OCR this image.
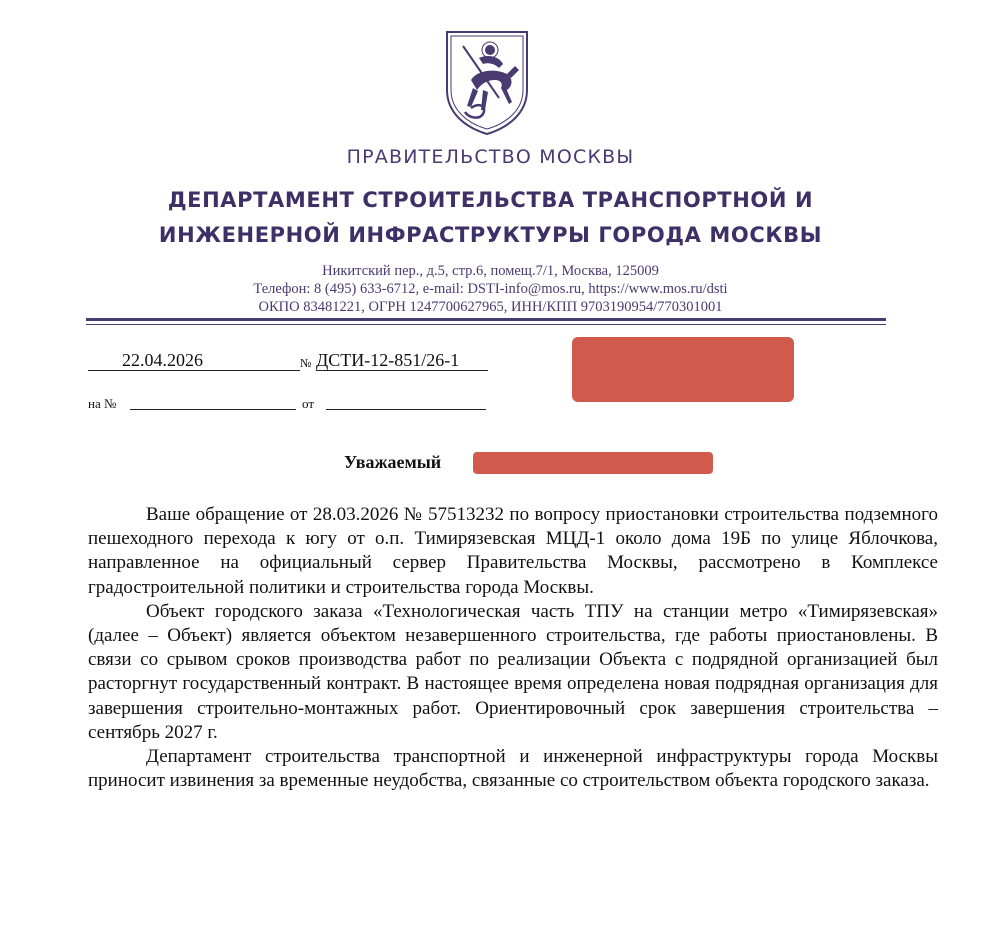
ПРАВИТЕЛЬСТВО МОСКВЫ
ДЕПАРТАМЕНТ СТРОИТЕЛЬСТВА ТРАНСПОРТНОЙ И
ИНЖЕНЕРНОЙ ИНФРАСТРУКТУРЫ ГОРОДА МОСКВЫ
Никитский пер., д.5, стр.6, помещ.7/1, Москва, 125009
Телефон: 8 (495) 633-6712, e-mail: DSTI-info@mos.ru, https://www.mos.ru/dsti
ОКПО 83481221, ОГРН 1247700627965, ИНН/КПП 9703190954/770301001
22.04.2026	№ ДСТИ-12-851/26-1
на №	от
Уважаемый

Ваше обращение от 28.03.2026 № 57513232 по вопросу приостановки строительства подземного пешеходного перехода к югу от о.п. Тимирязевская МЦД-1 около дома 19Б по улице Яблочкова, направленное на официальный сервер Правительства Москвы, рассмотрено в Комплексе градостроительной политики и строительства города Москвы.

Объект городского заказа «Технологическая часть ТПУ на станции метро «Тимирязевская» (далее – Объект) является объектом незавершенного строительства, где работы приостановлены. В связи со срывом сроков производства работ по реализации Объекта с подрядной организацией был расторгнут государственный контракт. В настоящее время определена новая подрядная организация для завершения строительно-монтажных работ. Ориентировочный срок завершения строительства – сентябрь 2027 г.

Департамент строительства транспортной и инженерной инфраструктуры города Москвы приносит извинения за временные неудобства, связанные со строительством объекта городского заказа.
